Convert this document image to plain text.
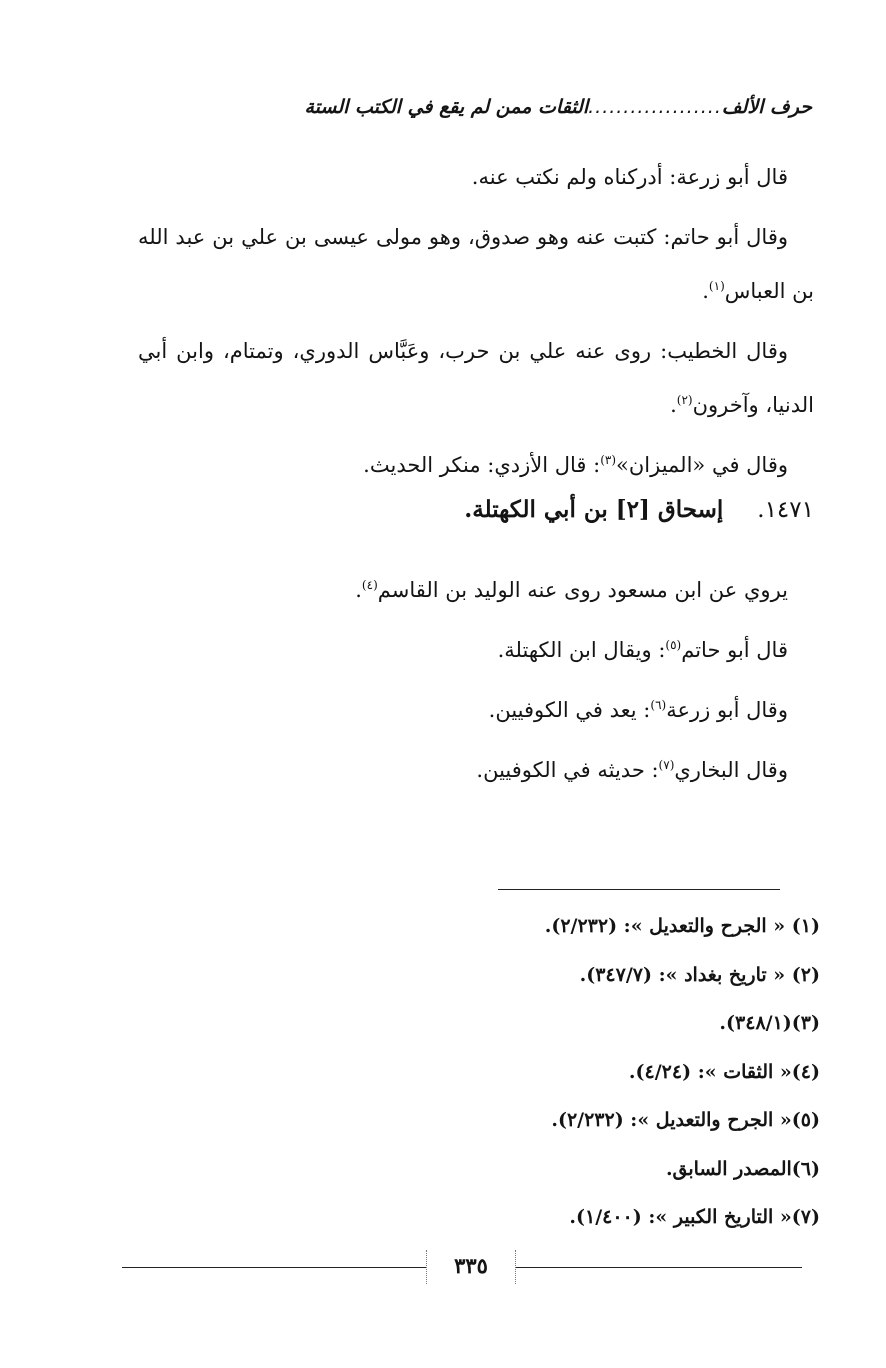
حرف الألف
...................
الثقات ممن لم يقع في الكتب الستة

قال أبو زرعة: أدركناه ولم نكتب عنه.

وقال أبو حاتم: كتبت عنه وهو صدوق، وهو مولى عيسى بن علي بن عبد الله بن العباس$^{(١)}$.

وقال الخطيب: روى عنه علي بن حرب، وعَبَّاس الدوري، وتمتام، وابن أبي الدنيا، وآخرون$^{(٢)}$.

وقال في «الميزان»$^{(٣)}$: قال الأزدي: منكر الحديث.

١٤٧١.إسحاق [٢] بن أبي الكهتلة.

يروي عن ابن مسعود روى عنه الوليد بن القاسم$^{(٤)}$.

قال أبو حاتم$^{(٥)}$: ويقال ابن الكهتلة.

وقال أبو زرعة$^{(٦)}$: يعد في الكوفيين.

وقال البخاري$^{(٧)}$: حديثه في الكوفيين.

(١) « الجرح والتعديل »: (٢/٢٣٢).
(٢) « تاريخ بغداد »: (٣٤٧/٧).
(٣)(٣٤٨/١).
(٤)« الثقات »: (٤/٢٤).
(٥)« الجرح والتعديل »: (٢/٢٣٢).
(٦)المصدر السابق.
(٧)« التاريخ الكبير »: (١/٤٠٠).
٣٣٥
